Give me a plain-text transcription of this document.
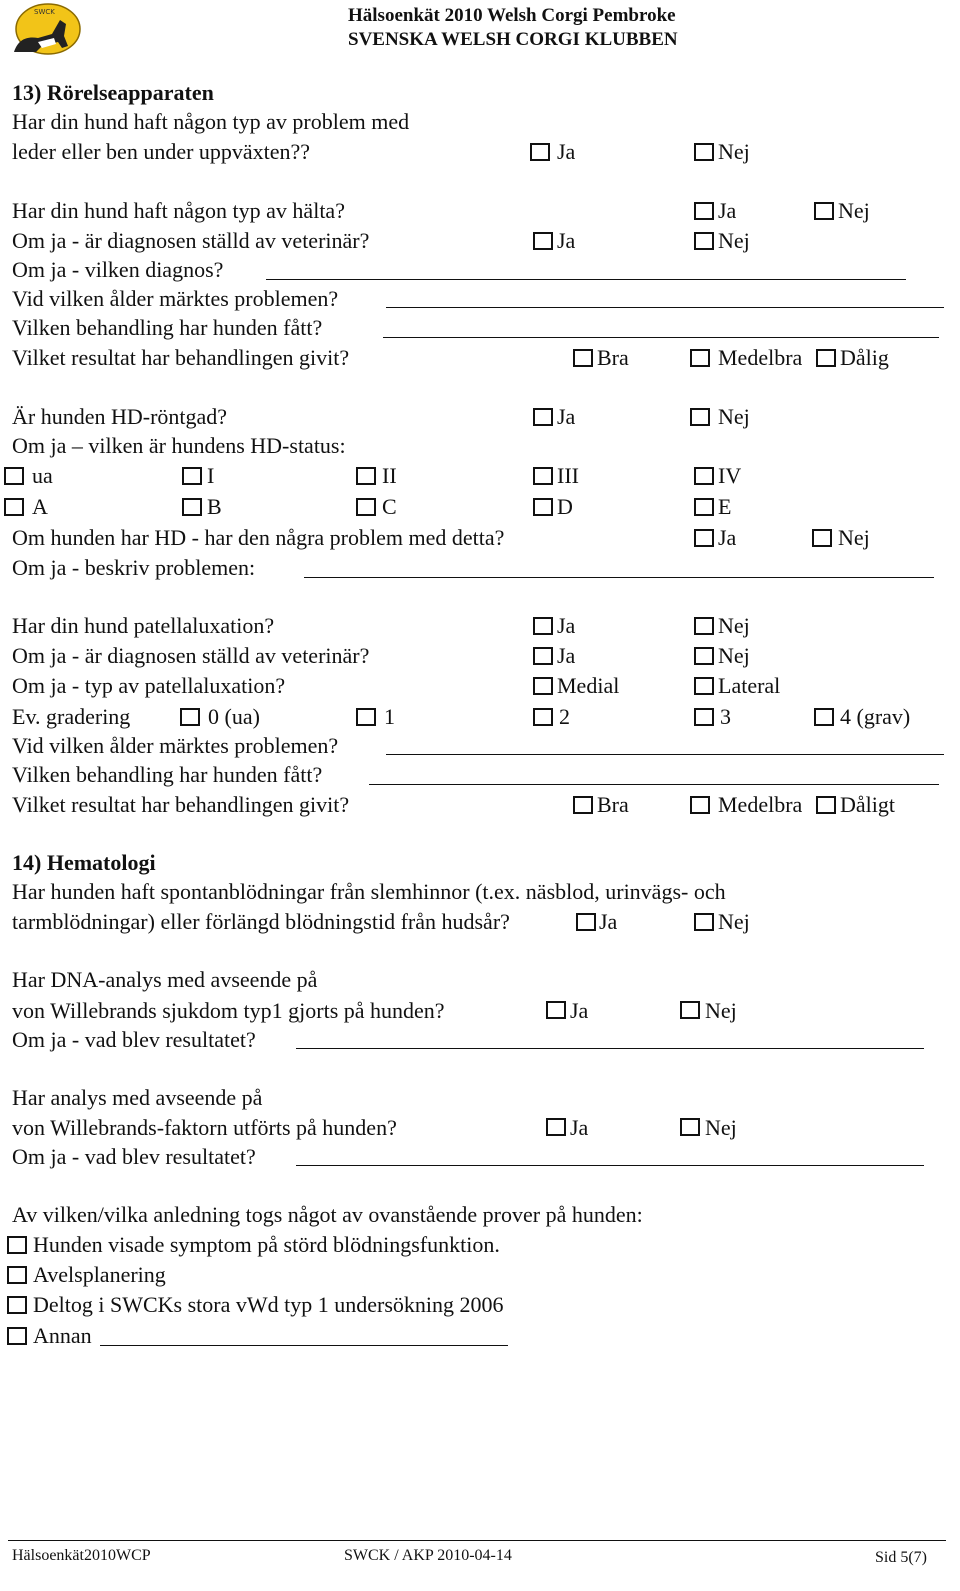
SWCK	Hälsoenkät 2010 Welsh Corgi Pembroke
SVENSKA WELSH CORGI KLUBBEN
13) Rörelseapparaten
Har din hund haft någon typ av problem med
leder eller ben under uppväxten??	Ja	Nej
Har din hund haft någon typ av hälta?	Ja	Nej
Om ja - är diagnosen ställd av veterinär?	Ja	Nej
Om ja - vilken diagnos?
Vid vilken ålder märktes problemen?
Vilken behandling har hunden fått?
Vilket resultat har behandlingen givit?	Bra	Medelbra Dålig
Är hunden HD-röntgad?	Ja	Nej
Om ja – vilken är hundens HD-status:
ua	I	II	III	IV
A	B	C	D	E
Om hunden har HD - har den några problem med detta?	Ja	Nej
Om ja - beskriv problemen:
Har din hund patellaluxation?	Ja	Nej
Om ja - är diagnosen ställd av veterinär?	Ja	Nej
Om ja - typ av patellaluxation?	Medial	Lateral
Ev. gradering	0 (ua)	1	2	3	4 (grav)
Vid vilken ålder märktes problemen?
Vilken behandling har hunden fått?
Vilket resultat har behandlingen givit?	Bra	Medelbra Dåligt
14) Hematologi
Har hunden haft spontanblödningar från slemhinnor (t.ex. näsblod, urinvägs- och
tarmblödningar) eller förlängd blödningstid från hudsår?	Ja	Nej
Har DNA-analys med avseende på
von Willebrands sjukdom typ1 gjorts på hunden?	Ja	Nej
Om ja - vad blev resultatet?
Har analys med avseende på
von Willebrands-faktorn utförts på hunden?	Ja	Nej
Om ja - vad blev resultatet?
Av vilken/vilka anledning togs något av ovanstående prover på hunden:
Hunden visade symptom på störd blödningsfunktion.
Avelsplanering
Deltog i SWCKs stora vWd typ 1 undersökning 2006
Annan
Hälsoenkät2010WCP	SWCK / AKP 2010-04-14	Sid 5(7)
